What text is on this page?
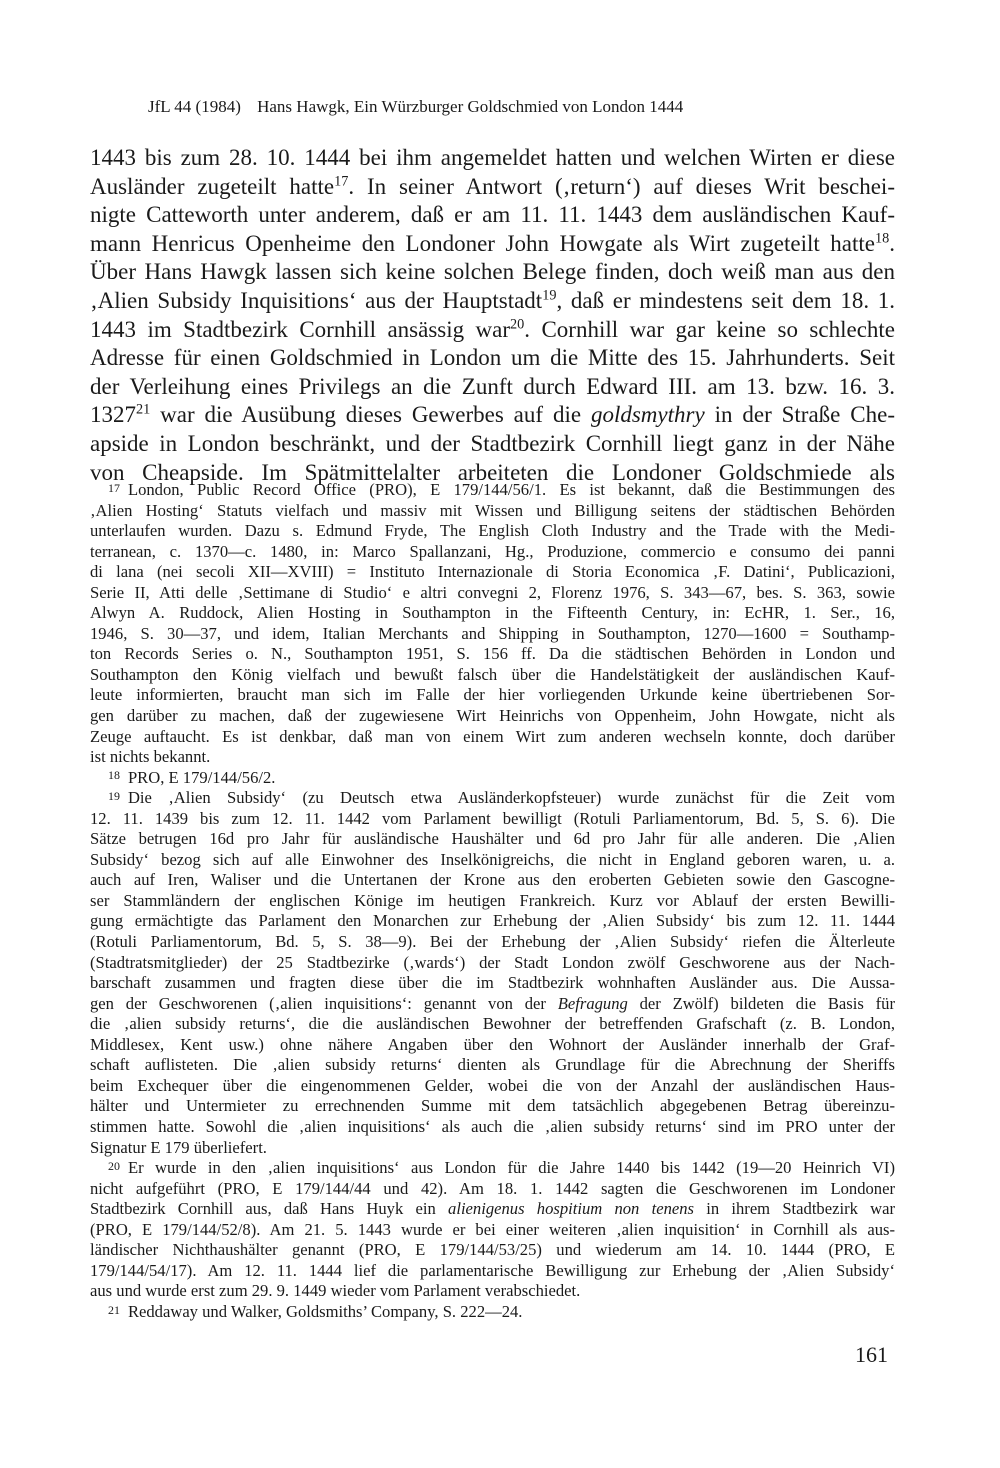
JfL 44 (1984) Hans Hawgk, Ein Würzburger Goldschmied von London 1444
1443 bis zum 28. 10. 1444 bei ihm angemeldet hatten und welchen Wirten er diese
Ausländer zugeteilt hatte$^{17}$. In seiner Antwort (‚return‘) auf dieses Writ beschei-
nigte Catteworth unter anderem, daß er am 11. 11. 1443 dem ausländischen Kauf-
mann Henricus Openheime den Londoner John Howgate als Wirt zugeteilt hatte$^{18}$.
Über Hans Hawgk lassen sich keine solchen Belege finden, doch weiß man aus den
‚Alien Subsidy Inquisitions‘ aus der Hauptstadt$^{19}$, daß er mindestens seit dem 18. 1.
1443 im Stadtbezirk Cornhill ansässig war$^{20}$. Cornhill war gar keine so schlechte
Adresse für einen Goldschmied in London um die Mitte des 15. Jahrhunderts. Seit
der Verleihung eines Privilegs an die Zunft durch Edward III. am 13. bzw. 16. 3.
1327$^{21}$ war die Ausübung dieses Gewerbes auf die goldsmythry in der Straße Che-
apside in London beschränkt, und der Stadtbezirk Cornhill liegt ganz in der Nähe
von Cheapside. Im Spätmittelalter arbeiteten die Londoner Goldschmiede als
$^{17}$ London, Public Record Office (PRO), E 179/144/56/1. Es ist bekannt, daß die Bestimmungen des
‚Alien Hosting‘ Statuts vielfach und massiv mit Wissen und Billigung seitens der städtischen Behörden
unterlaufen wurden. Dazu s. Edmund Fryde, The English Cloth Industry and the Trade with the Medi-
terranean, c. 1370—c. 1480, in: Marco Spallanzani, Hg., Produzione, commercio e consumo dei panni
di lana (nei secoli XII—XVIII) = Instituto Internazionale di Storia Economica ‚F. Datini‘, Publicazioni,
Serie II, Atti delle ‚Settimane di Studio‘ e altri convegni 2, Florenz 1976, S. 343—67, bes. S. 363, sowie
Alwyn A. Ruddock, Alien Hosting in Southampton in the Fifteenth Century, in: EcHR, 1. Ser., 16,
1946, S. 30—37, und idem, Italian Merchants and Shipping in Southampton, 1270—1600 = Southamp-
ton Records Series o. N., Southampton 1951, S. 156 ff. Da die städtischen Behörden in London und
Southampton den König vielfach und bewußt falsch über die Handelstätigkeit der ausländischen Kauf-
leute informierten, braucht man sich im Falle der hier vorliegenden Urkunde keine übertriebenen Sor-
gen darüber zu machen, daß der zugewiesene Wirt Heinrichs von Oppenheim, John Howgate, nicht als
Zeuge auftaucht. Es ist denkbar, daß man von einem Wirt zum anderen wechseln konnte, doch darüber
ist nichts bekannt.
$^{18}$ PRO, E 179/144/56/2.
$^{19}$ Die ‚Alien Subsidy‘ (zu Deutsch etwa Ausländerkopfsteuer) wurde zunächst für die Zeit vom
12. 11. 1439 bis zum 12. 11. 1442 vom Parlament bewilligt (Rotuli Parliamentorum, Bd. 5, S. 6). Die
Sätze betrugen 16d pro Jahr für ausländische Haushälter und 6d pro Jahr für alle anderen. Die ‚Alien
Subsidy‘ bezog sich auf alle Einwohner des Inselkönigreichs, die nicht in England geboren waren, u. a.
auch auf Iren, Waliser und die Untertanen der Krone aus den eroberten Gebieten sowie den Gascogne-
ser Stammländern der englischen Könige im heutigen Frankreich. Kurz vor Ablauf der ersten Bewilli-
gung ermächtigte das Parlament den Monarchen zur Erhebung der ‚Alien Subsidy‘ bis zum 12. 11. 1444
(Rotuli Parliamentorum, Bd. 5, S. 38—9). Bei der Erhebung der ‚Alien Subsidy‘ riefen die Älterleute
(Stadtratsmitglieder) der 25 Stadtbezirke (‚wards‘) der Stadt London zwölf Geschworene aus der Nach-
barschaft zusammen und fragten diese über die im Stadtbezirk wohnhaften Ausländer aus. Die Aussa-
gen der Geschworenen (‚alien inquisitions‘: genannt von der Befragung der Zwölf) bildeten die Basis für
die ‚alien subsidy returns‘, die die ausländischen Bewohner der betreffenden Grafschaft (z. B. London,
Middlesex, Kent usw.) ohne nähere Angaben über den Wohnort der Ausländer innerhalb der Graf-
schaft auflisteten. Die ‚alien subsidy returns‘ dienten als Grundlage für die Abrechnung der Sheriffs
beim Exchequer über die eingenommenen Gelder, wobei die von der Anzahl der ausländischen Haus-
hälter und Untermieter zu errechnenden Summe mit dem tatsächlich abgegebenen Betrag übereinzu-
stimmen hatte. Sowohl die ‚alien inquisitions‘ als auch die ‚alien subsidy returns‘ sind im PRO unter der
Signatur E 179 überliefert.
$^{20}$ Er wurde in den ‚alien inquisitions‘ aus London für die Jahre 1440 bis 1442 (19—20 Heinrich VI)
nicht aufgeführt (PRO, E 179/144/44 und 42). Am 18. 1. 1442 sagten die Geschworenen im Londoner
Stadtbezirk Cornhill aus, daß Hans Huyk ein alienigenus hospitium non tenens in ihrem Stadtbezirk war
(PRO, E 179/144/52/8). Am 21. 5. 1443 wurde er bei einer weiteren ‚alien inquisition‘ in Cornhill als aus-
ländischer Nichthaushälter genannt (PRO, E 179/144/53/25) und wiederum am 14. 10. 1444 (PRO, E
179/144/54/17). Am 12. 11. 1444 lief die parlamentarische Bewilligung zur Erhebung der ‚Alien Subsidy‘
aus und wurde erst zum 29. 9. 1449 wieder vom Parlament verabschiedet.
$^{21}$ Reddaway und Walker, Goldsmiths’ Company, S. 222—24.
161
